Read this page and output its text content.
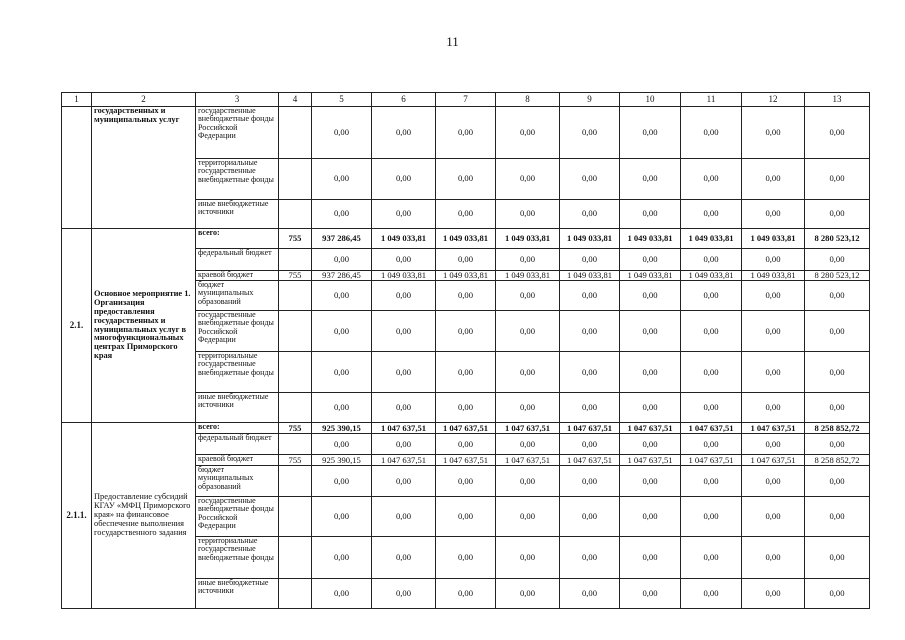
11
1	2	3	4	5	6	7	8	9	10	11	12	13
	государственных и муниципальных услуг	государственные внебюджетные фонды Российской Федерации		0,00	0,00	0,00	0,00	0,00	0,00	0,00	0,00	0,00
		территориальные государственные внебюджетные фонды		0,00	0,00	0,00	0,00	0,00	0,00	0,00	0,00	0,00
		иные внебюджетные источники		0,00	0,00	0,00	0,00	0,00	0,00	0,00	0,00	0,00
2.1.	Основное мероприятие 1. Организация предоставления государственных и муниципальных услуг в многофункциональных центрах Приморского края	всего:	755	937 286,45	1 049 033,81	1 049 033,81	1 049 033,81	1 049 033,81	1 049 033,81	1 049 033,81	1 049 033,81	8 280 523,12
		федеральный бюджет		0,00	0,00	0,00	0,00	0,00	0,00	0,00	0,00	0,00
		краевой бюджет	755	937 286,45	1 049 033,81	1 049 033,81	1 049 033,81	1 049 033,81	1 049 033,81	1 049 033,81	1 049 033,81	8 280 523,12
		бюджет муниципальных образований		0,00	0,00	0,00	0,00	0,00	0,00	0,00	0,00	0,00
		государственные внебюджетные фонды Российской Федерации		0,00	0,00	0,00	0,00	0,00	0,00	0,00	0,00	0,00
		территориальные государственные внебюджетные фонды		0,00	0,00	0,00	0,00	0,00	0,00	0,00	0,00	0,00
		иные внебюджетные источники		0,00	0,00	0,00	0,00	0,00	0,00	0,00	0,00	0,00
2.1.1.	Предоставление субсидий КГАУ «МФЦ Приморского края» на финансовое обеспечение выполнения государственного задания	всего:	755	925 390,15	1 047 637,51	1 047 637,51	1 047 637,51	1 047 637,51	1 047 637,51	1 047 637,51	1 047 637,51	8 258 852,72
		федеральный бюджет		0,00	0,00	0,00	0,00	0,00	0,00	0,00	0,00	0,00
		краевой бюджет	755	925 390,15	1 047 637,51	1 047 637,51	1 047 637,51	1 047 637,51	1 047 637,51	1 047 637,51	1 047 637,51	8 258 852,72
		бюджет муниципальных образований		0,00	0,00	0,00	0,00	0,00	0,00	0,00	0,00	0,00
		государственные внебюджетные фонды Российской Федерации		0,00	0,00	0,00	0,00	0,00	0,00	0,00	0,00	0,00
		территориальные государственные внебюджетные фонды		0,00	0,00	0,00	0,00	0,00	0,00	0,00	0,00	0,00
		иные внебюджетные источники		0,00	0,00	0,00	0,00	0,00	0,00	0,00	0,00	0,00
